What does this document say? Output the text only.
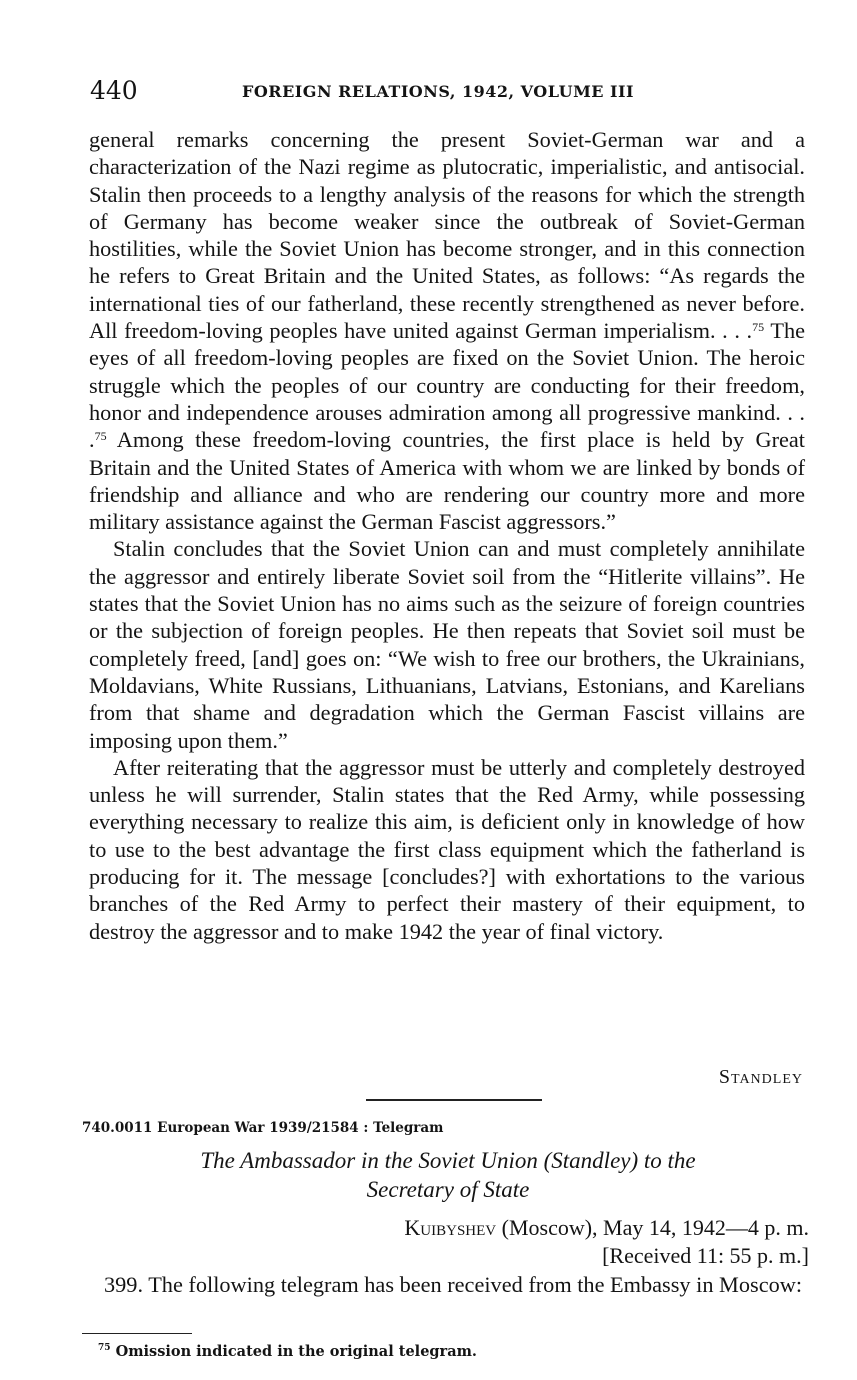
440	FOREIGN RELATIONS, 1942, VOLUME III

general remarks concerning the present Soviet-German war and a characterization of the Nazi regime as plutocratic, imperialistic, and antisocial. Stalin then proceeds to a lengthy analysis of the reasons for which the strength of Germany has become weaker since the outbreak of Soviet-German hostilities, while the Soviet Union has become stronger, and in this connection he refers to Great Britain and the United States, as follows: “As regards the international ties of our fatherland, these recently strengthened as never before. All freedom-loving peoples have united against German imperialism. . . .$^{75}$ The eyes of all freedom-loving peoples are fixed on the Soviet Union. The heroic struggle which the peoples of our country are conducting for their freedom, honor and independence arouses admiration among all progressive mankind. . . .$^{75}$ Among these freedom-loving countries, the first place is held by Great Britain and the United States of America with whom we are linked by bonds of friendship and alliance and who are rendering our country more and more military assistance against the German Fascist aggressors.”

Stalin concludes that the Soviet Union can and must completely annihilate the aggressor and entirely liberate Soviet soil from the “Hitlerite villains”. He states that the Soviet Union has no aims such as the seizure of foreign countries or the subjection of foreign peoples. He then repeats that Soviet soil must be completely freed, [and] goes on: “We wish to free our brothers, the Ukrainians, Moldavians, White Russians, Lithuanians, Latvians, Estonians, and Karelians from that shame and degradation which the German Fascist villains are imposing upon them.”

After reiterating that the aggressor must be utterly and completely destroyed unless he will surrender, Stalin states that the Red Army, while possessing everything necessary to realize this aim, is deficient only in knowledge of how to use to the best advantage the first class equipment which the fatherland is producing for it. The message [concludes?] with exhortations to the various branches of the Red Army to perfect their mastery of their equipment, to destroy the aggressor and to make 1942 the year of final victory.

Standley
740.0011 European War 1939/21584 : Telegram
The Ambassador in the Soviet Union (Standley) to the
Secretary of State
Kuibyshev (Moscow), May 14, 1942—4 p. m.
[Received 11: 55 p. m.]
399. The following telegram has been received from the Embassy in Moscow:
$^{75}$ Omission indicated in the original telegram.
